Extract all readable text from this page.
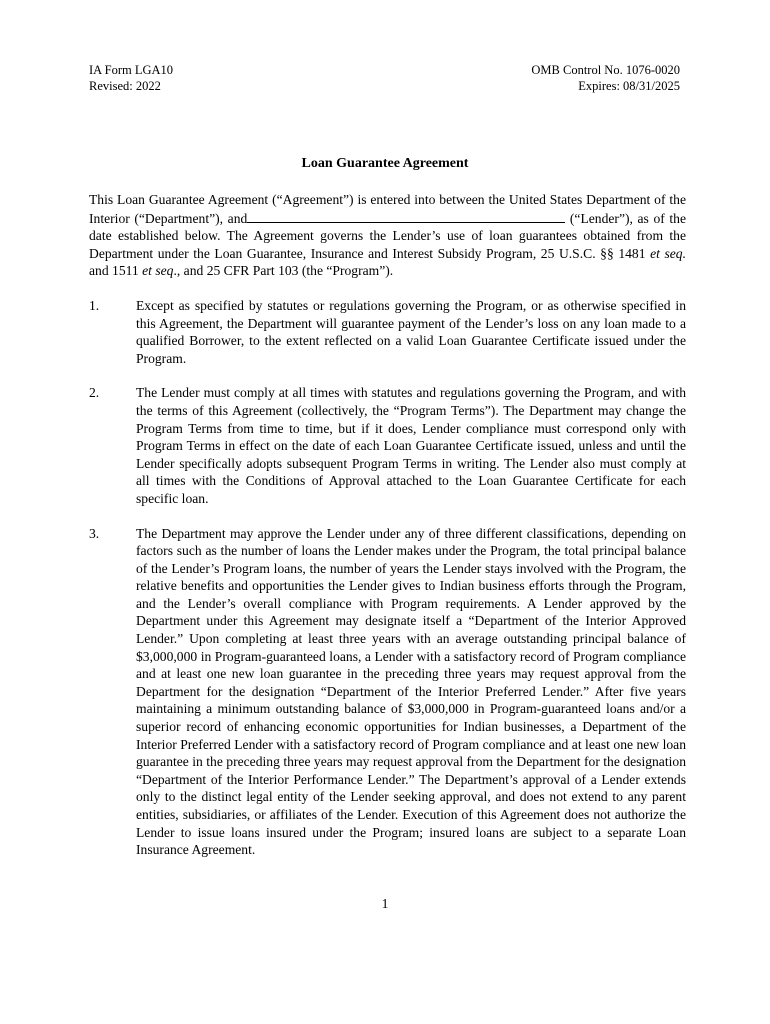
IA Form LGA10
Revised: 2022
OMB Control No. 1076-0020
Expires: 08/31/2025
Loan Guarantee Agreement

This Loan Guarantee Agreement (“Agreement”) is entered into between the United States Department of the Interior (“Department”), and	(“Lender”), as of the date established below. The Agreement governs the Lender’s use of loan guarantees obtained from the Department under the Loan Guarantee, Insurance and Interest Subsidy Program, 25 U.S.C. §§ 1481 et seq. and 1511 et seq., and 25 CFR Part 103 (the “Program”).

1.	Except as specified by statutes or regulations governing the Program, or as otherwise specified in this Agreement, the Department will guarantee payment of the Lender’s loss on any loan made to a qualified Borrower, to the extent reflected on a valid Loan Guarantee Certificate issued under the Program.
2.	The Lender must comply at all times with statutes and regulations governing the Program, and with the terms of this Agreement (collectively, the “Program Terms”). The Department may change the Program Terms from time to time, but if it does, Lender compliance must correspond only with Program Terms in effect on the date of each Loan Guarantee Certificate issued, unless and until the Lender specifically adopts subsequent Program Terms in writing. The Lender also must comply at all times with the Conditions of Approval attached to the Loan Guarantee Certificate for each specific loan.
3.	The Department may approve the Lender under any of three different classifications, depending on factors such as the number of loans the Lender makes under the Program, the total principal balance of the Lender’s Program loans, the number of years the Lender stays involved with the Program, the relative benefits and opportunities the Lender gives to Indian business efforts through the Program, and the Lender’s overall compliance with Program requirements. A Lender approved by the Department under this Agreement may designate itself a “Department of the Interior Approved Lender.” Upon completing at least three years with an average outstanding principal balance of $3,000,000 in Program-guaranteed loans, a Lender with a satisfactory record of Program compliance and at least one new loan guarantee in the preceding three years may request approval from the Department for the designation “Department of the Interior Preferred Lender.” After five years maintaining a minimum outstanding balance of $3,000,000 in Program-guaranteed loans and/or a superior record of enhancing economic opportunities for Indian businesses, a Department of the Interior Preferred Lender with a satisfactory record of Program compliance and at least one new loan guarantee in the preceding three years may request approval from the Department for the designation “Department of the Interior Performance Lender.” The Department’s approval of a Lender extends only to the distinct legal entity of the Lender seeking approval, and does not extend to any parent entities, subsidiaries, or affiliates of the Lender. Execution of this Agreement does not authorize the Lender to issue loans insured under the Program; insured loans are subject to a separate Loan Insurance Agreement.
1
